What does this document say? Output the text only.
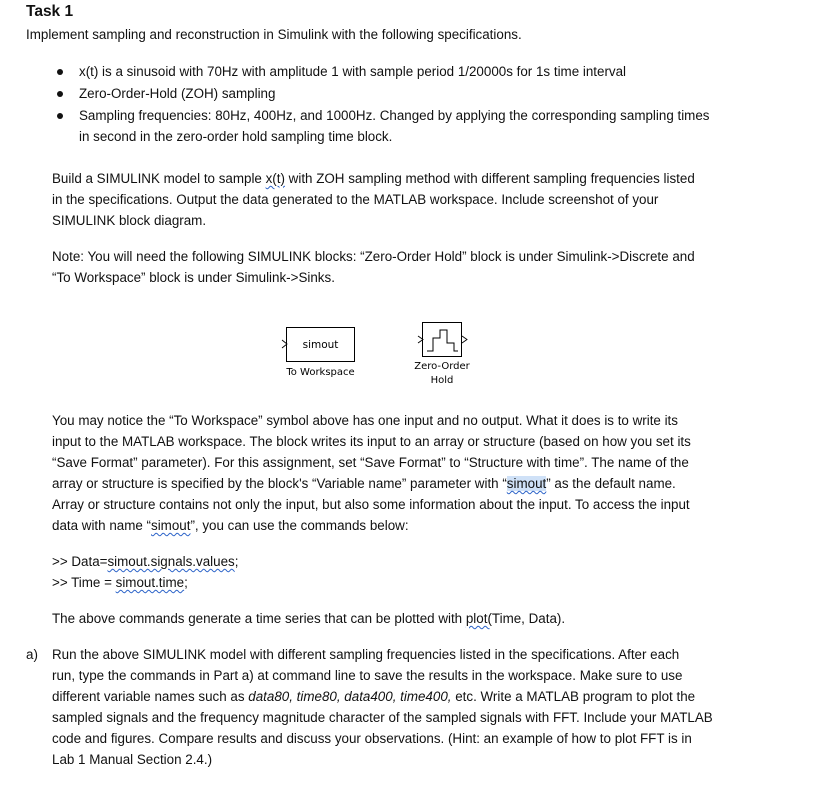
Task 1
Implement sampling and reconstruction in Simulink with the following specifications.
x(t) is a sinusoid with 70Hz with amplitude 1 with sample period 1/20000s for 1s time interval
Zero-Order-Hold (ZOH) sampling
Sampling frequencies: 80Hz, 400Hz, and 1000Hz. Changed by applying the corresponding sampling times
in second in the zero-order hold sampling time block.
Build a SIMULINK model to sample x(t) with ZOH sampling method with different sampling frequencies listed
in the specifications. Output the data generated to the MATLAB workspace. Include screenshot of your
SIMULINK block diagram.
Note: You will need the following SIMULINK blocks: “Zero-Order Hold” block is under Simulink->Discrete and
“To Workspace” block is under Simulink->Sinks.
simout
To Workspace
Zero-Order
Hold
You may notice the “To Workspace” symbol above has one input and no output. What it does is to write its
input to the MATLAB workspace. The block writes its input to an array or structure (based on how you set its
“Save Format” parameter). For this assignment, set “Save Format” to “Structure with time”. The name of the
array or structure is specified by the block's “Variable name” parameter with “simout” as the default name.
Array or structure contains not only the input, but also some information about the input. To access the input
data with name “simout”, you can use the commands below:
>> Data=simout.signals.values;
>> Time = simout.time;
The above commands generate a time series that can be plotted with plot(Time, Data).
a) Run the above SIMULINK model with different sampling frequencies listed in the specifications. After each
run, type the commands in Part a) at command line to save the results in the workspace. Make sure to use
different variable names such as data80, time80, data400, time400, etc. Write a MATLAB program to plot the
sampled signals and the frequency magnitude character of the sampled signals with FFT. Include your MATLAB
code and figures. Compare results and discuss your observations. (Hint: an example of how to plot FFT is in
Lab 1 Manual Section 2.4.)
